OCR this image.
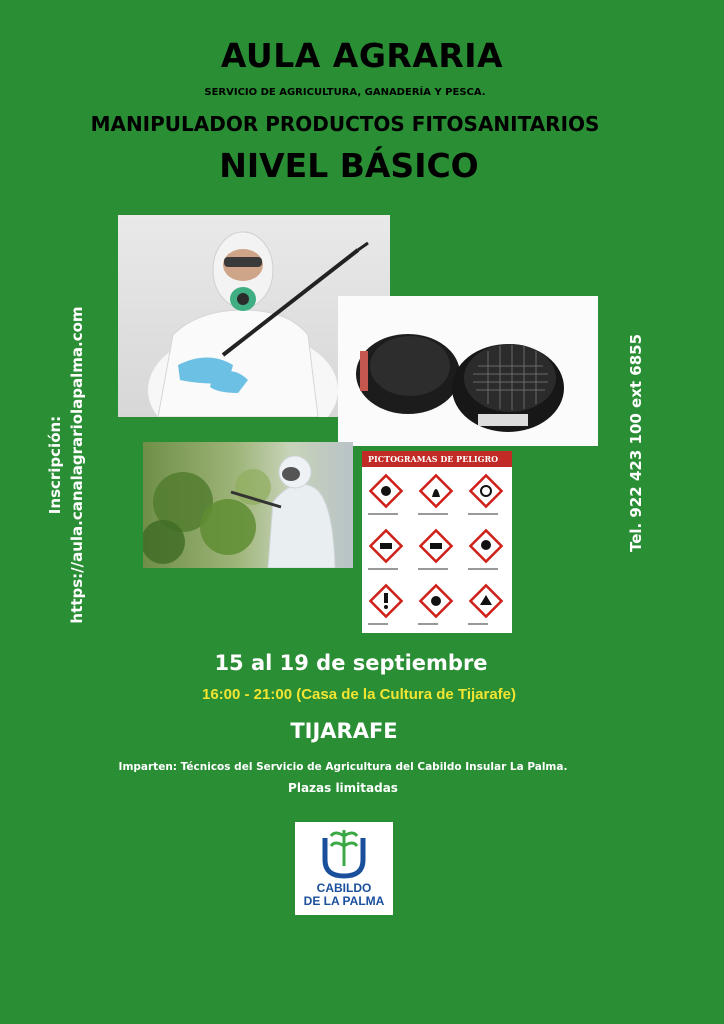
AULA AGRARIA
SERVICIO DE AGRICULTURA, GANADERÍA Y PESCA.
MANIPULADOR PRODUCTOS FITOSANITARIOS
NIVEL BÁSICO
PICTOGRAMAS DE PELIGRO
Inscripción: https://aula.canalagrariolapalma.com	Tel. 922 423 100 ext 6855
15 al 19 de septiembre
16:00 - 21:00 (Casa de la Cultura de Tijarafe)
TIJARAFE
Imparten: Técnicos del Servicio de Agricultura del Cabildo Insular La Palma.
Plazas limitadas
CABILDO
DE LA PALMA
